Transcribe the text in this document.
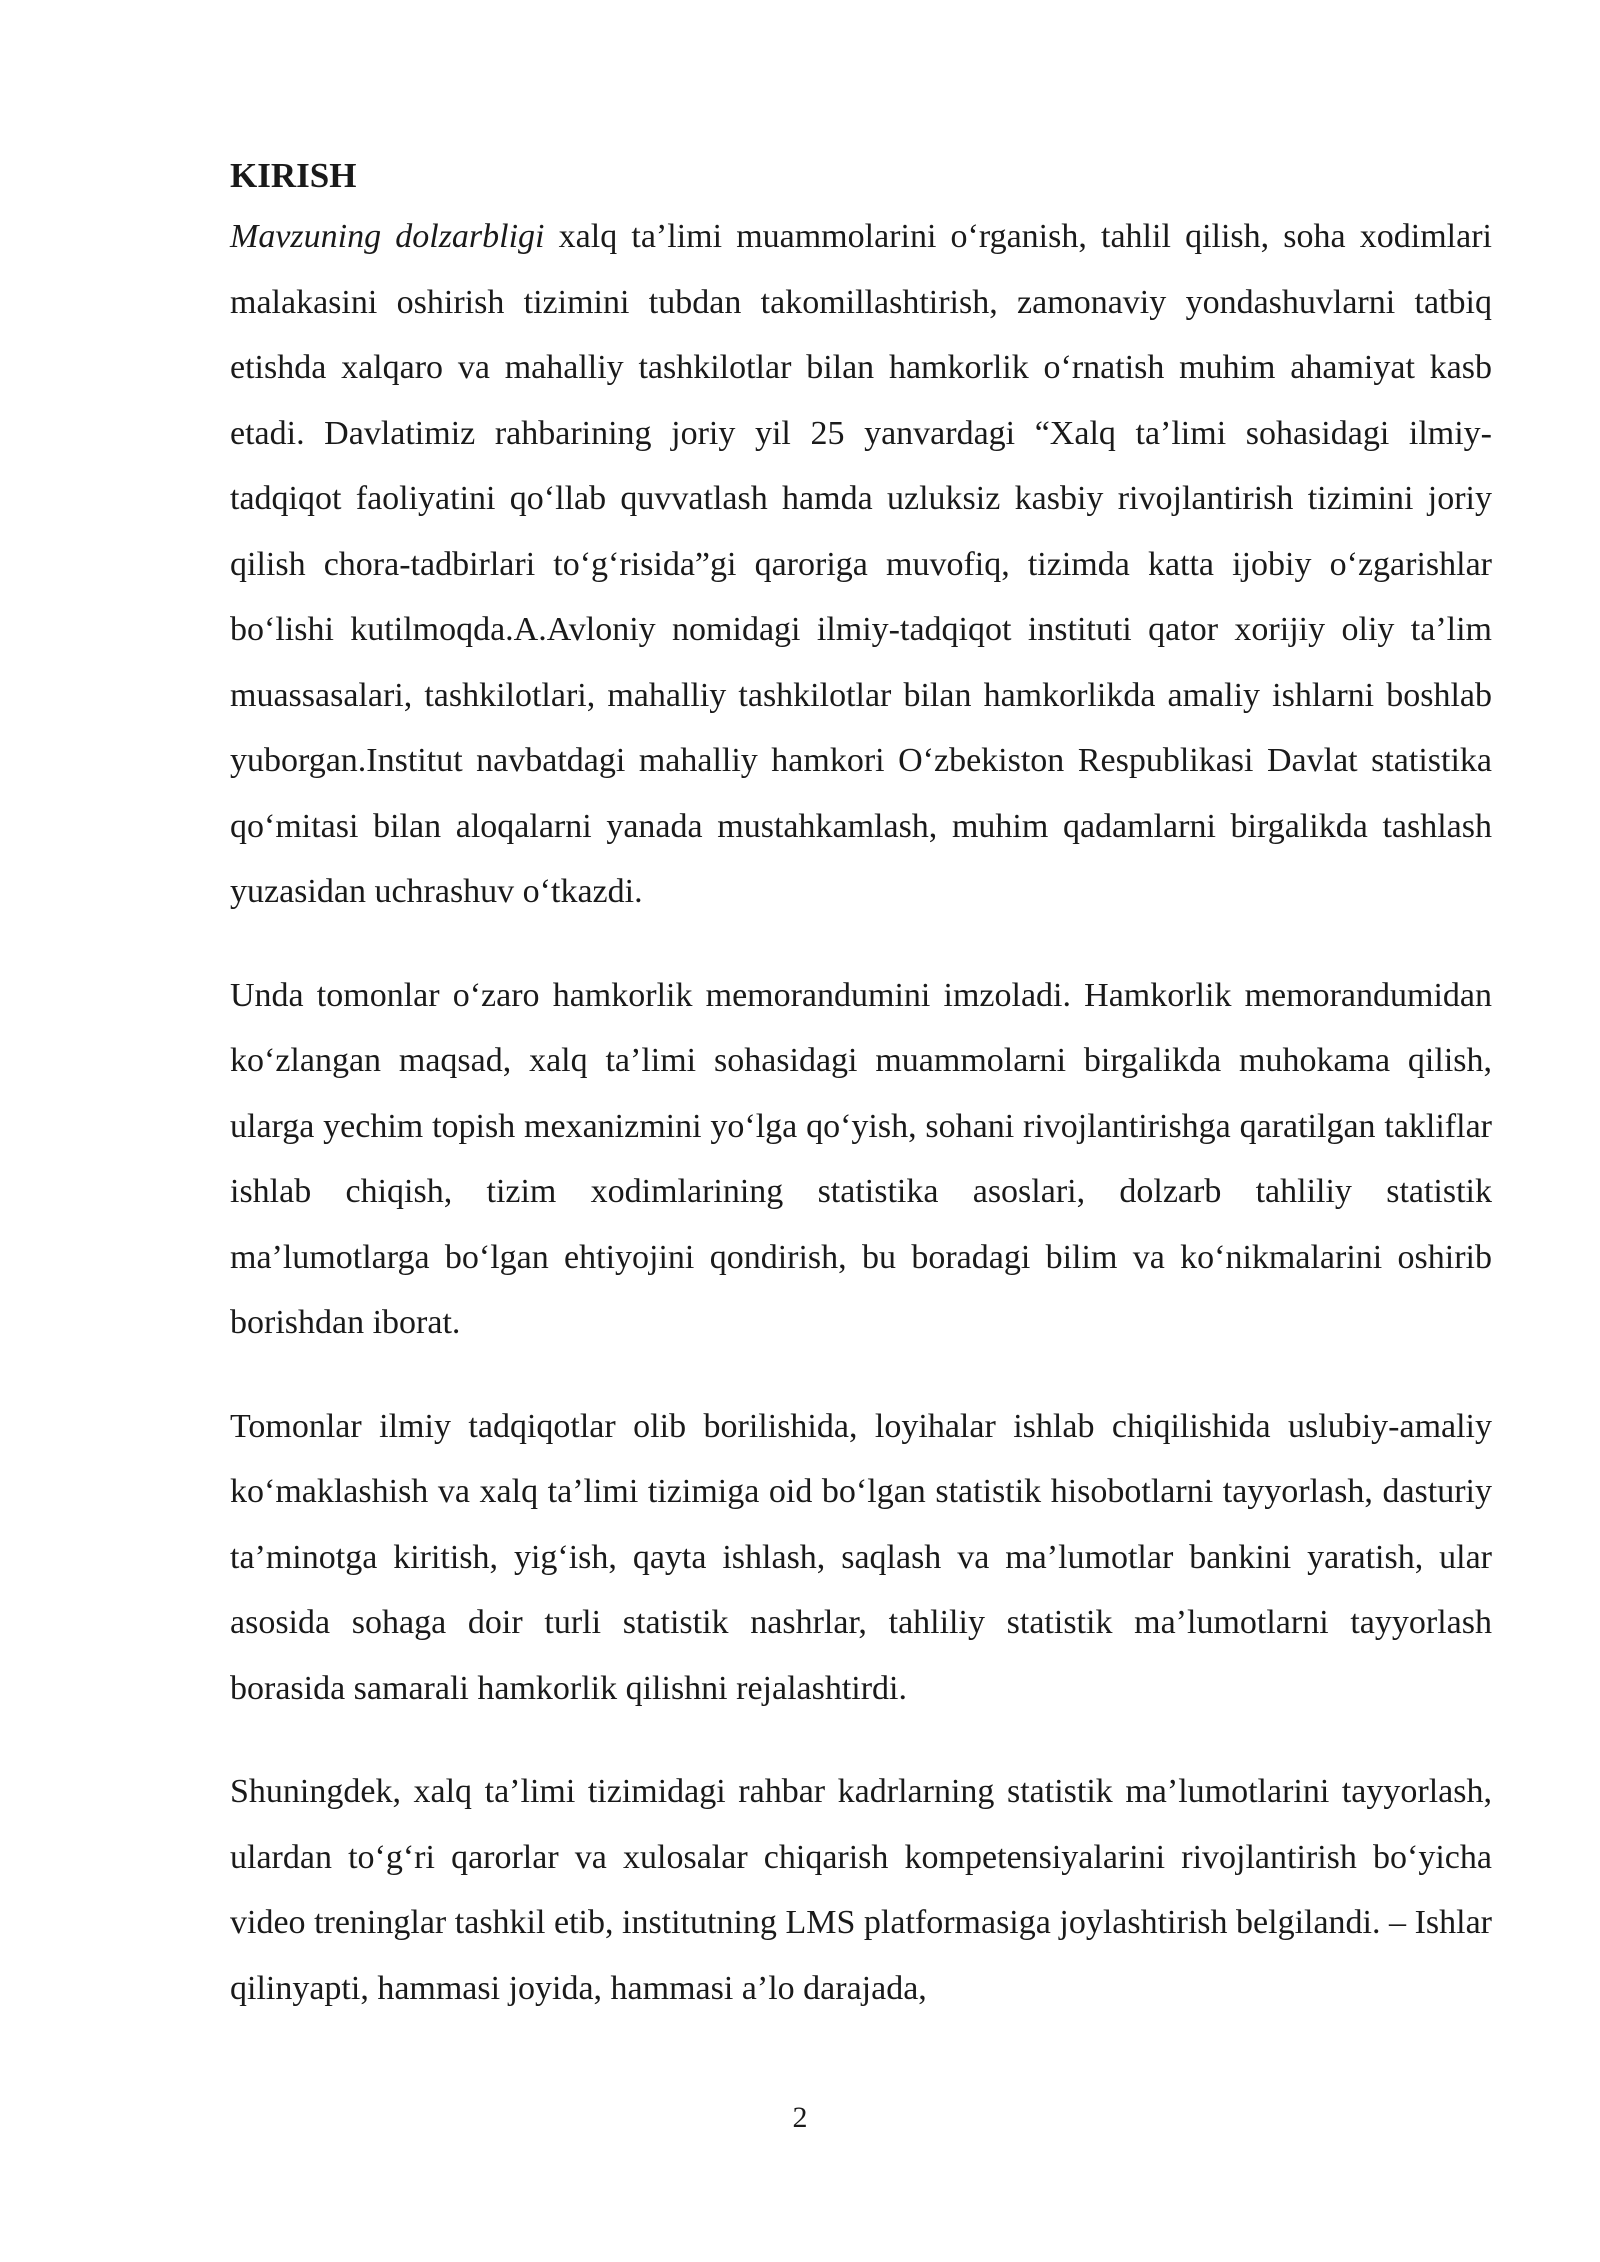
KIRISH

Mavzuning dolzarbligi xalq ta’limi muammolarini o‘rganish, tahlil qilish, soha xodimlari malakasini oshirish tizimini tubdan takomillashtirish, zamonaviy yondashuvlarni tatbiq etishda xalqaro va mahalliy tashkilotlar bilan hamkorlik o‘rnatish muhim ahamiyat kasb etadi. Davlatimiz rahbarining joriy yil 25 yanvardagi “Xalq ta’limi sohasidagi ilmiy-tadqiqot faoliyatini qo‘llab quvvatlash hamda uzluksiz kasbiy rivojlantirish tizimini joriy qilish chora-tadbirlari to‘g‘risida”gi qaroriga muvofiq, tizimda katta ijobiy o‘zgarishlar bo‘lishi kutilmoqda.A.Avloniy nomidagi ilmiy-tadqiqot instituti qator xorijiy oliy ta’lim muassasalari, tashkilotlari, mahalliy tashkilotlar bilan hamkorlikda amaliy ishlarni boshlab yuborgan.Institut navbatdagi mahalliy hamkori O‘zbekiston Respublikasi Davlat statistika qo‘mitasi bilan aloqalarni yanada mustahkamlash, muhim qadamlarni birgalikda tashlash yuzasidan uchrashuv o‘tkazdi.

Unda tomonlar o‘zaro hamkorlik memorandumini imzoladi. Hamkorlik memorandumidan ko‘zlangan maqsad, xalq ta’limi sohasidagi muammolarni birgalikda muhokama qilish, ularga yechim topish mexanizmini yo‘lga qo‘yish, sohani rivojlantirishga qaratilgan takliflar ishlab chiqish, tizim xodimlarining statistika asoslari, dolzarb tahliliy statistik ma’lumotlarga bo‘lgan ehtiyojini qondirish, bu boradagi bilim va ko‘nikmalarini oshirib borishdan iborat.

Tomonlar ilmiy tadqiqotlar olib borilishida, loyihalar ishlab chiqilishida uslubiy-amaliy ko‘maklashish va xalq ta’limi tizimiga oid bo‘lgan statistik hisobotlarni tayyorlash, dasturiy ta’minotga kiritish, yig‘ish, qayta ishlash, saqlash va ma’lumotlar bankini yaratish, ular asosida sohaga doir turli statistik nashrlar, tahliliy statistik ma’lumotlarni tayyorlash borasida samarali hamkorlik qilishni rejalashtirdi.

Shuningdek, xalq ta’limi tizimidagi rahbar kadrlarning statistik ma’lumotlarini tayyorlash, ulardan to‘g‘ri qarorlar va xulosalar chiqarish kompetensiyalarini rivojlantirish bo‘yicha video treninglar tashkil etib, institutning LMS platformasiga joylashtirish belgilandi. – Ishlar qilinyapti, hammasi joyida, hammasi a’lo darajada,

2
